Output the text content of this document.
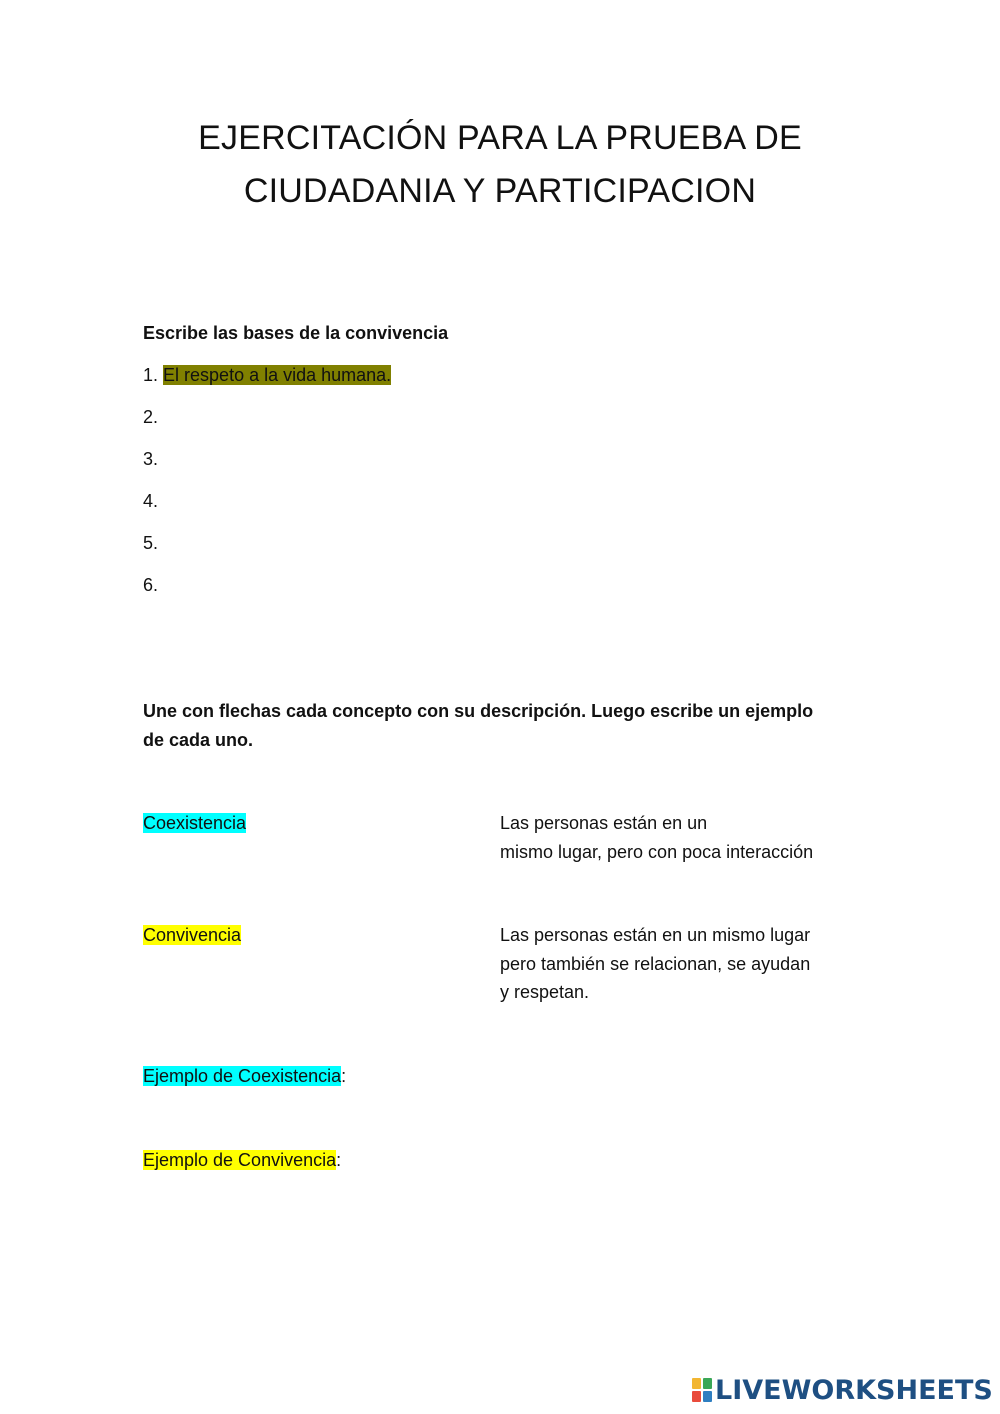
EJERCITACIÓN PARA LA PRUEBA DE
CIUDADANIA Y PARTICIPACION
Escribe las bases de la convivencia
1. El respeto a la vida humana.
2.
3.
4.
5.
6.
Une con flechas cada concepto con su descripción. Luego escribe un ejemplo
de cada uno.
Coexistencia	Las personas están en un
mismo lugar, pero con poca interacción
Convivencia	Las personas están en un mismo lugar
pero también se relacionan, se ayudan
y respetan.
Ejemplo de Coexistencia:
Ejemplo de Convivencia:
LIVEWORKSHEETS
